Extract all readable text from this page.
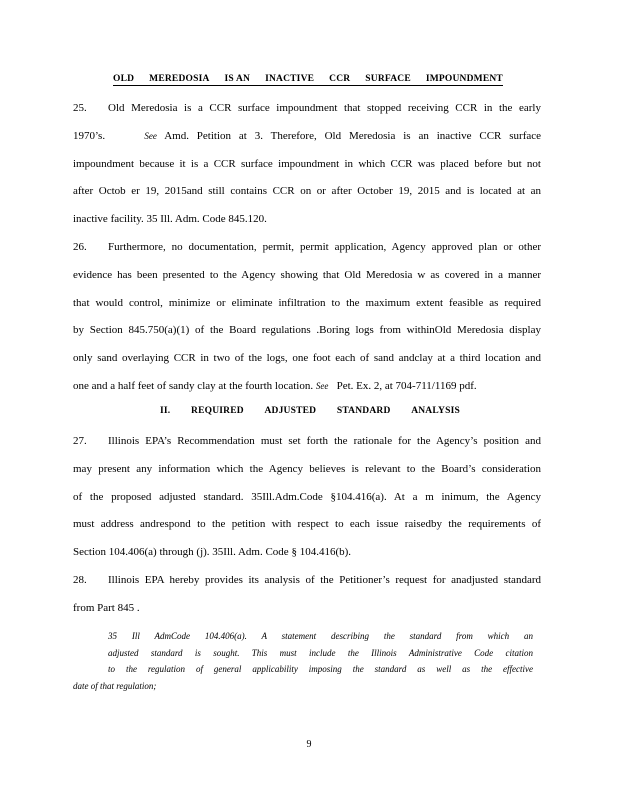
OLD MEREDOSIA IS AN INACTIVE CCR SURFACE IMPOUNDMENT
25. Old Meredosia is a CCR surface impoundment that stopped receiving CCR in the early
1970’s.	See Amd. Petition at 3. Therefore, Old Meredosia is an inactive CCR surface
impoundment because it is a CCR surface impoundment in which CCR was placed before but not
after Octob er 19, 2015and still contains CCR on or after October 19, 2015 and is located at an
inactive facility. 35 Ill. Adm. Code 845.120.
26. Furthermore, no documentation, permit, permit application, Agency approved plan or other
evidence has been presented to the Agency showing that Old Meredosia w as covered in a manner
that would control, minimize or eliminate infiltration to the maximum extent feasible as required
by Section 845.750(a)(1) of the Board regulations .Boring logs from withinOld Meredosia display
only sand overlaying CCR in two of the logs, one foot each of sand andclay at a third location and
one and a half feet of sandy clay at the fourth location. See Pet. Ex. 2, at 704-711/1169 pdf.
II. REQUIRED ADJUSTED STANDARD ANALYSIS
27. Illinois EPA’s Recommendation must set forth the rationale for the Agency’s position and
may present any information which the Agency believes is relevant to the Board’s consideration
of the proposed adjusted standard. 35Ill.Adm.Code §104.416(a). At a m inimum, the Agency
must address andrespond to the petition with respect to each issue raisedby the requirements of
Section 104.406(a) through (j). 35Ill. Adm. Code § 104.416(b).
28. Illinois EPA hereby provides its analysis of the Petitioner’s request for anadjusted standard
from Part 845 .
35 Ill AdmCode 104.406(a). A statement describing the standard from which an
adjusted standard is sought. This must include the Illinois Administrative Code citation
to the regulation of general applicability imposing the standard as well as the effective
date of that regulation;
9
